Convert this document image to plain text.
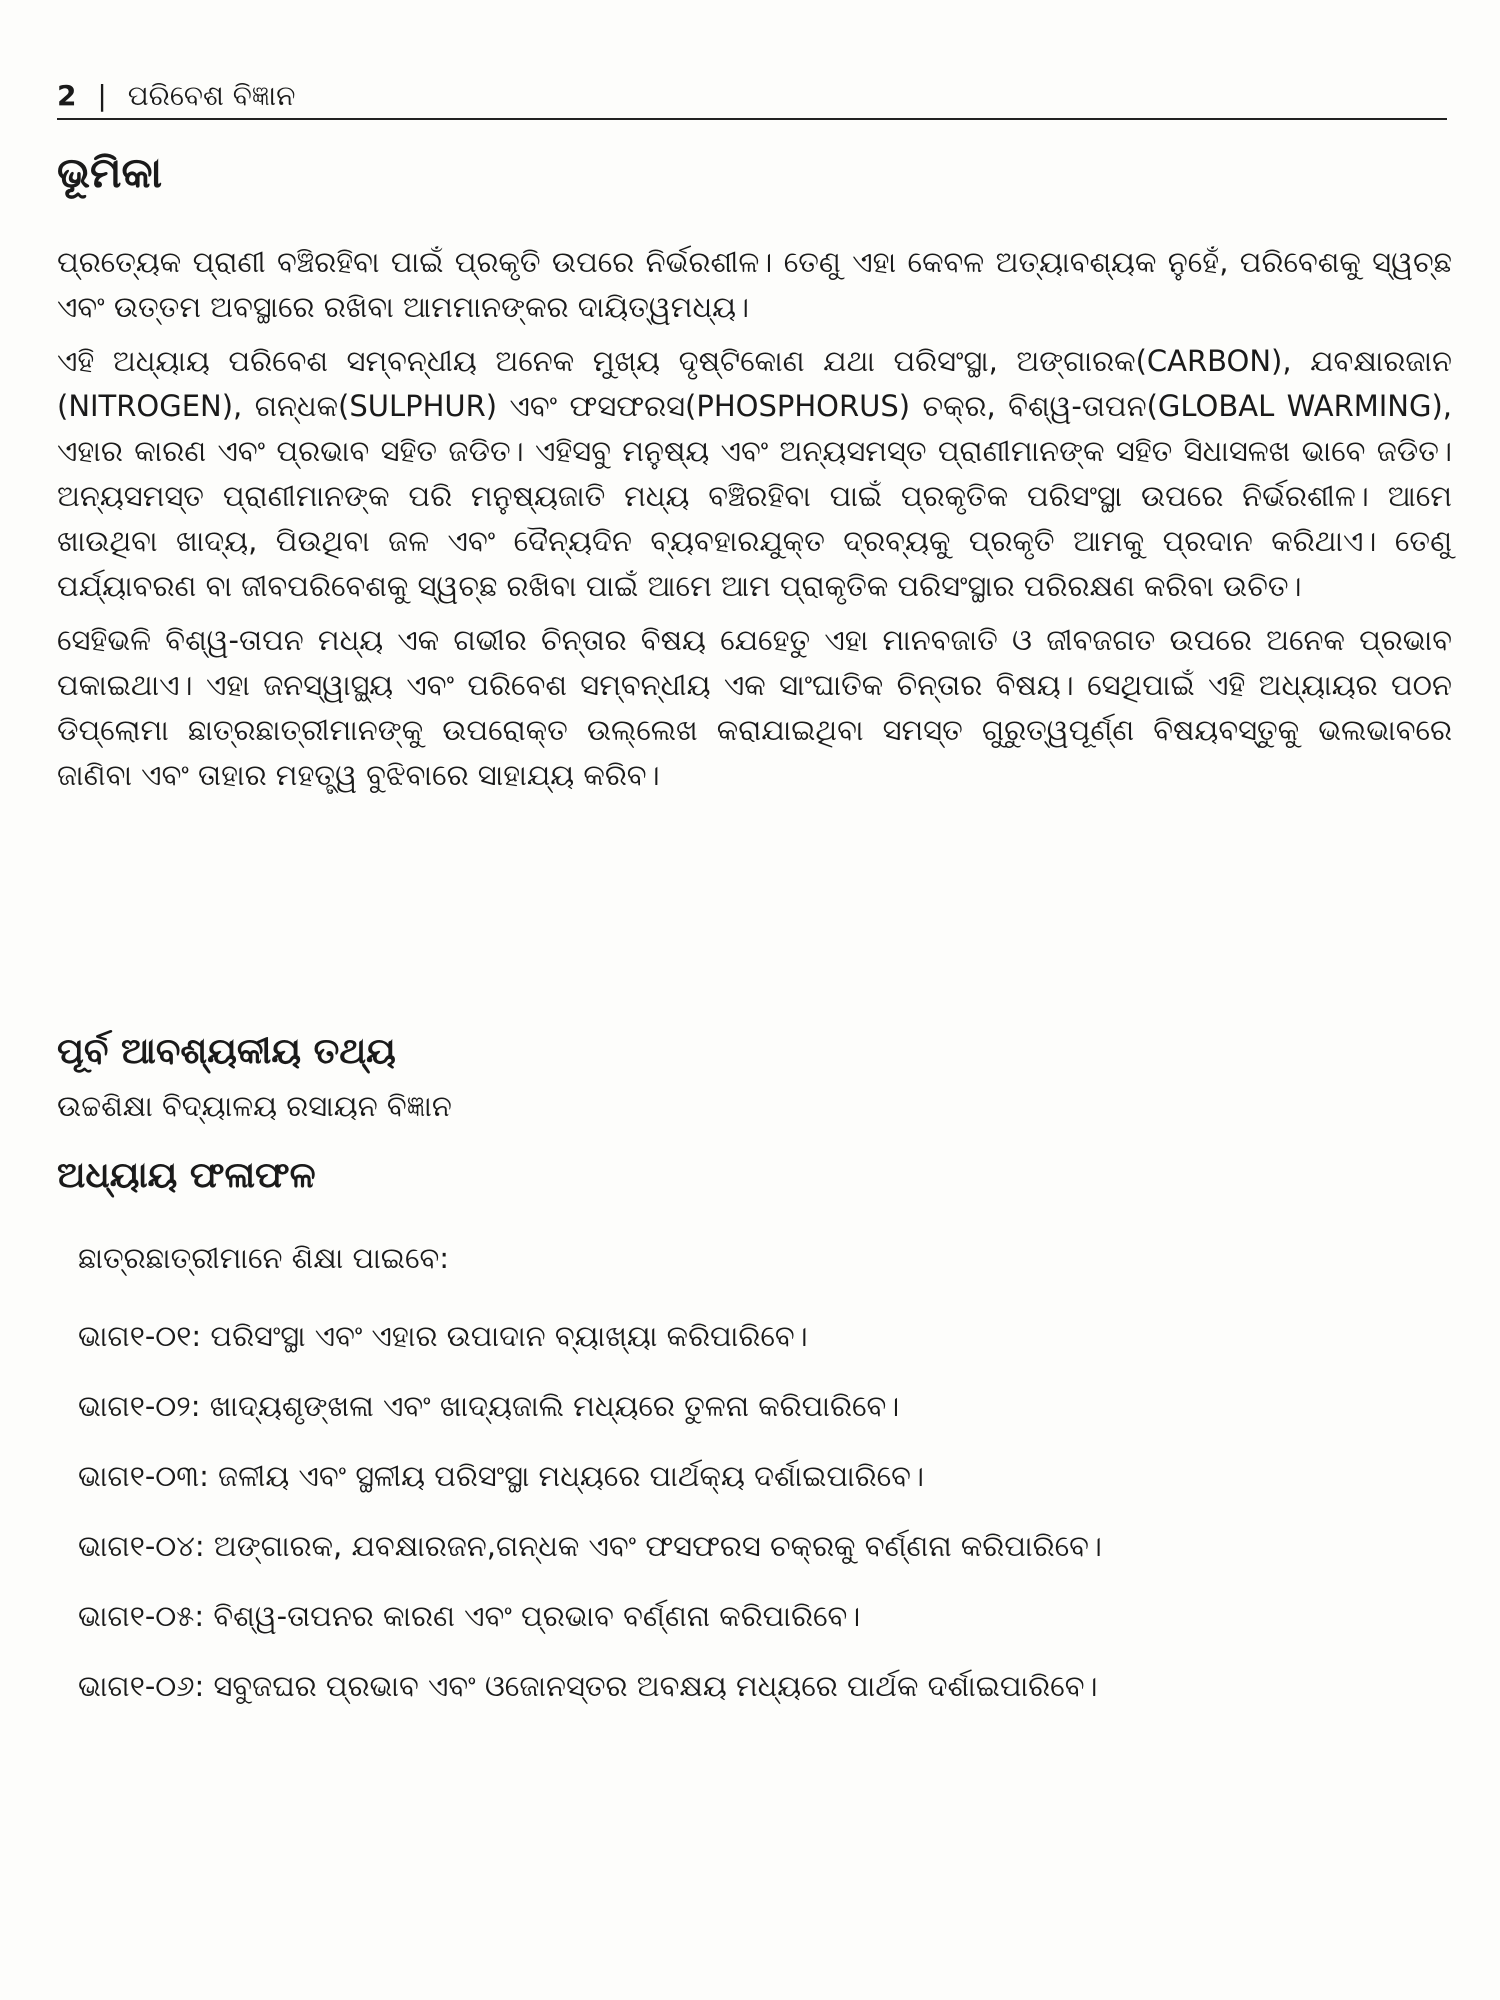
2 | ପରିବେଶ ବିଜ୍ଞାନ
ଭୂମିକା

ପ୍ରତ୍ୟେକ ପ୍ରାଣୀ ବଞ୍ଚିରହିବା ପାଇଁ ପ୍ରକୃତି ଉପରେ ନିର୍ଭରଶୀଳ। ତେଣୁ ଏହା କେବଳ ଅତ୍ୟାବଶ୍ୟକ ନୁହେଁ, ପରିବେଶକୁ ସ୍ୱଚ୍ଛ ଏବଂ ଉତ୍ତମ ଅବସ୍ଥାରେ ରଖିବା ଆମମାନଙ୍କର ଦାୟିତ୍ୱମଧ୍ୟ।

ଏହି ଅଧ୍ୟାୟ ପରିବେଶ ସମ୍ବନ୍ଧୀୟ ଅନେକ ମୁଖ୍ୟ ଦୃଷ୍ଟିକୋଣ ଯଥା ପରିସଂସ୍ଥା, ଅଙ୍ଗାରକ(CARBON), ଯବକ୍ଷାରଜାନ (NITROGEN), ଗନ୍ଧକ(SULPHUR) ଏବଂ ଫସଫରସ(PHOSPHORUS) ଚକ୍ର, ବିଶ୍ୱ-ତାପନ(GLOBAL WARMING), ଏହାର କାରଣ ଏବଂ ପ୍ରଭାବ ସହିତ ଜଡିତ। ଏହିସବୁ ମନୁଷ୍ୟ ଏବଂ ଅନ୍ୟସମସ୍ତ ପ୍ରାଣୀମାନଙ୍କ ସହିତ ସିଧାସଳଖ ଭାବେ ଜଡିତ। ଅନ୍ୟସମସ୍ତ ପ୍ରାଣୀମାନଙ୍କ ପରି ମନୁଷ୍ୟଜାତି ମଧ୍ୟ ବଞ୍ଚିରହିବା ପାଇଁ ପ୍ରକୃତିକ ପରିସଂସ୍ଥା ଉପରେ ନିର୍ଭରଶୀଳ। ଆମେ ଖାଉଥିବା ଖାଦ୍ୟ, ପିଉଥିବା ଜଳ ଏବଂ ଦୈନ୍ୟଦିନ ବ୍ୟବହାରଯୁକ୍ତ ଦ୍ରବ୍ୟକୁ ପ୍ରକୃତି ଆମକୁ ପ୍ରଦାନ କରିଥାଏ। ତେଣୁ ପର୍ଯ୍ୟାବରଣ ବା ଜୀବପରିବେଶକୁ ସ୍ୱଚ୍ଛ ରଖିବା ପାଇଁ ଆମେ ଆମ ପ୍ରାକୃତିକ ପରିସଂସ୍ଥାର ପରିରକ୍ଷଣ କରିବା ଉଚିତ।

ସେହିଭଳି ବିଶ୍ୱ-ତାପନ ମଧ୍ୟ ଏକ ଗଭୀର ଚିନ୍ତାର ବିଷୟ ଯେହେତୁ ଏହା ମାନବଜାତି ଓ ଜୀବଜଗତ ଉପରେ ଅନେକ ପ୍ରଭାବ ପକାଇଥାଏ। ଏହା ଜନସ୍ୱାସ୍ଥ୍ୟ ଏବଂ ପରିବେଶ ସମ୍ବନ୍ଧୀୟ ଏକ ସାଂଘାତିକ ଚିନ୍ତାର ବିଷୟ। ସେଥିପାଇଁ ଏହି ଅଧ୍ୟାୟର ପଠନ ଡିପ୍ଲୋମା ଛାତ୍ରଛାତ୍ରୀମାନଙ୍କୁ ଉପରୋକ୍ତ ଉଲ୍ଲେଖ କରାଯାଇଥିବା ସମସ୍ତ ଗୁରୁତ୍ୱପୂର୍ଣ୍ଣ ବିଷୟବସ୍ତୁକୁ ଭଲଭାବରେ ଜାଣିବା ଏବଂ ତାହାର ମହତ୍ତ୍ୱ ବୁଝିବାରେ ସାହାଯ୍ୟ କରିବ।

ପୂର୍ବ ଆବଶ୍ୟକୀୟ ତଥ୍ୟ
ଉଚ୍ଚଶିକ୍ଷା ବିଦ୍ୟାଳୟ ରସାୟନ ବିଜ୍ଞାନ
ଅଧ୍ୟାୟ ଫଳାଫଳ
ଛାତ୍ରଛାତ୍ରୀମାନେ ଶିକ୍ଷା ପାଇବେ:
ଭାଗ୧-୦୧: ପରିସଂସ୍ଥା ଏବଂ ଏହାର ଉପାଦାନ ବ୍ୟାଖ୍ୟା କରିପାରିବେ।
ଭାଗ୧-୦୨: ଖାଦ୍ୟଶୃଙ୍ଖଳା ଏବଂ ଖାଦ୍ୟଜାଲି ମଧ୍ୟରେ ତୁଳନା କରିପାରିବେ।
ଭାଗ୧-୦୩: ଜଳୀୟ ଏବଂ ସ୍ଥଳୀୟ ପରିସଂସ୍ଥା ମଧ୍ୟରେ ପାର୍ଥକ୍ୟ ଦର୍ଶାଇପାରିବେ।
ଭାଗ୧-୦୪: ଅଙ୍ଗାରକ, ଯବକ୍ଷାରଜନ,ଗନ୍ଧକ ଏବଂ ଫସଫରସ ଚକ୍ରକୁ ବର୍ଣ୍ଣନା କରିପାରିବେ।
ଭାଗ୧-୦୫: ବିଶ୍ୱ-ତାପନର କାରଣ ଏବଂ ପ୍ରଭାବ ବର୍ଣ୍ଣନା କରିପାରିବେ।
ଭାଗ୧-୦୬: ସବୁଜଘର ପ୍ରଭାବ ଏବଂ ଓଜୋନସ୍ତର ଅବକ୍ଷୟ ମଧ୍ୟରେ ପାର୍ଥକ ଦର୍ଶାଇପାରିବେ।
